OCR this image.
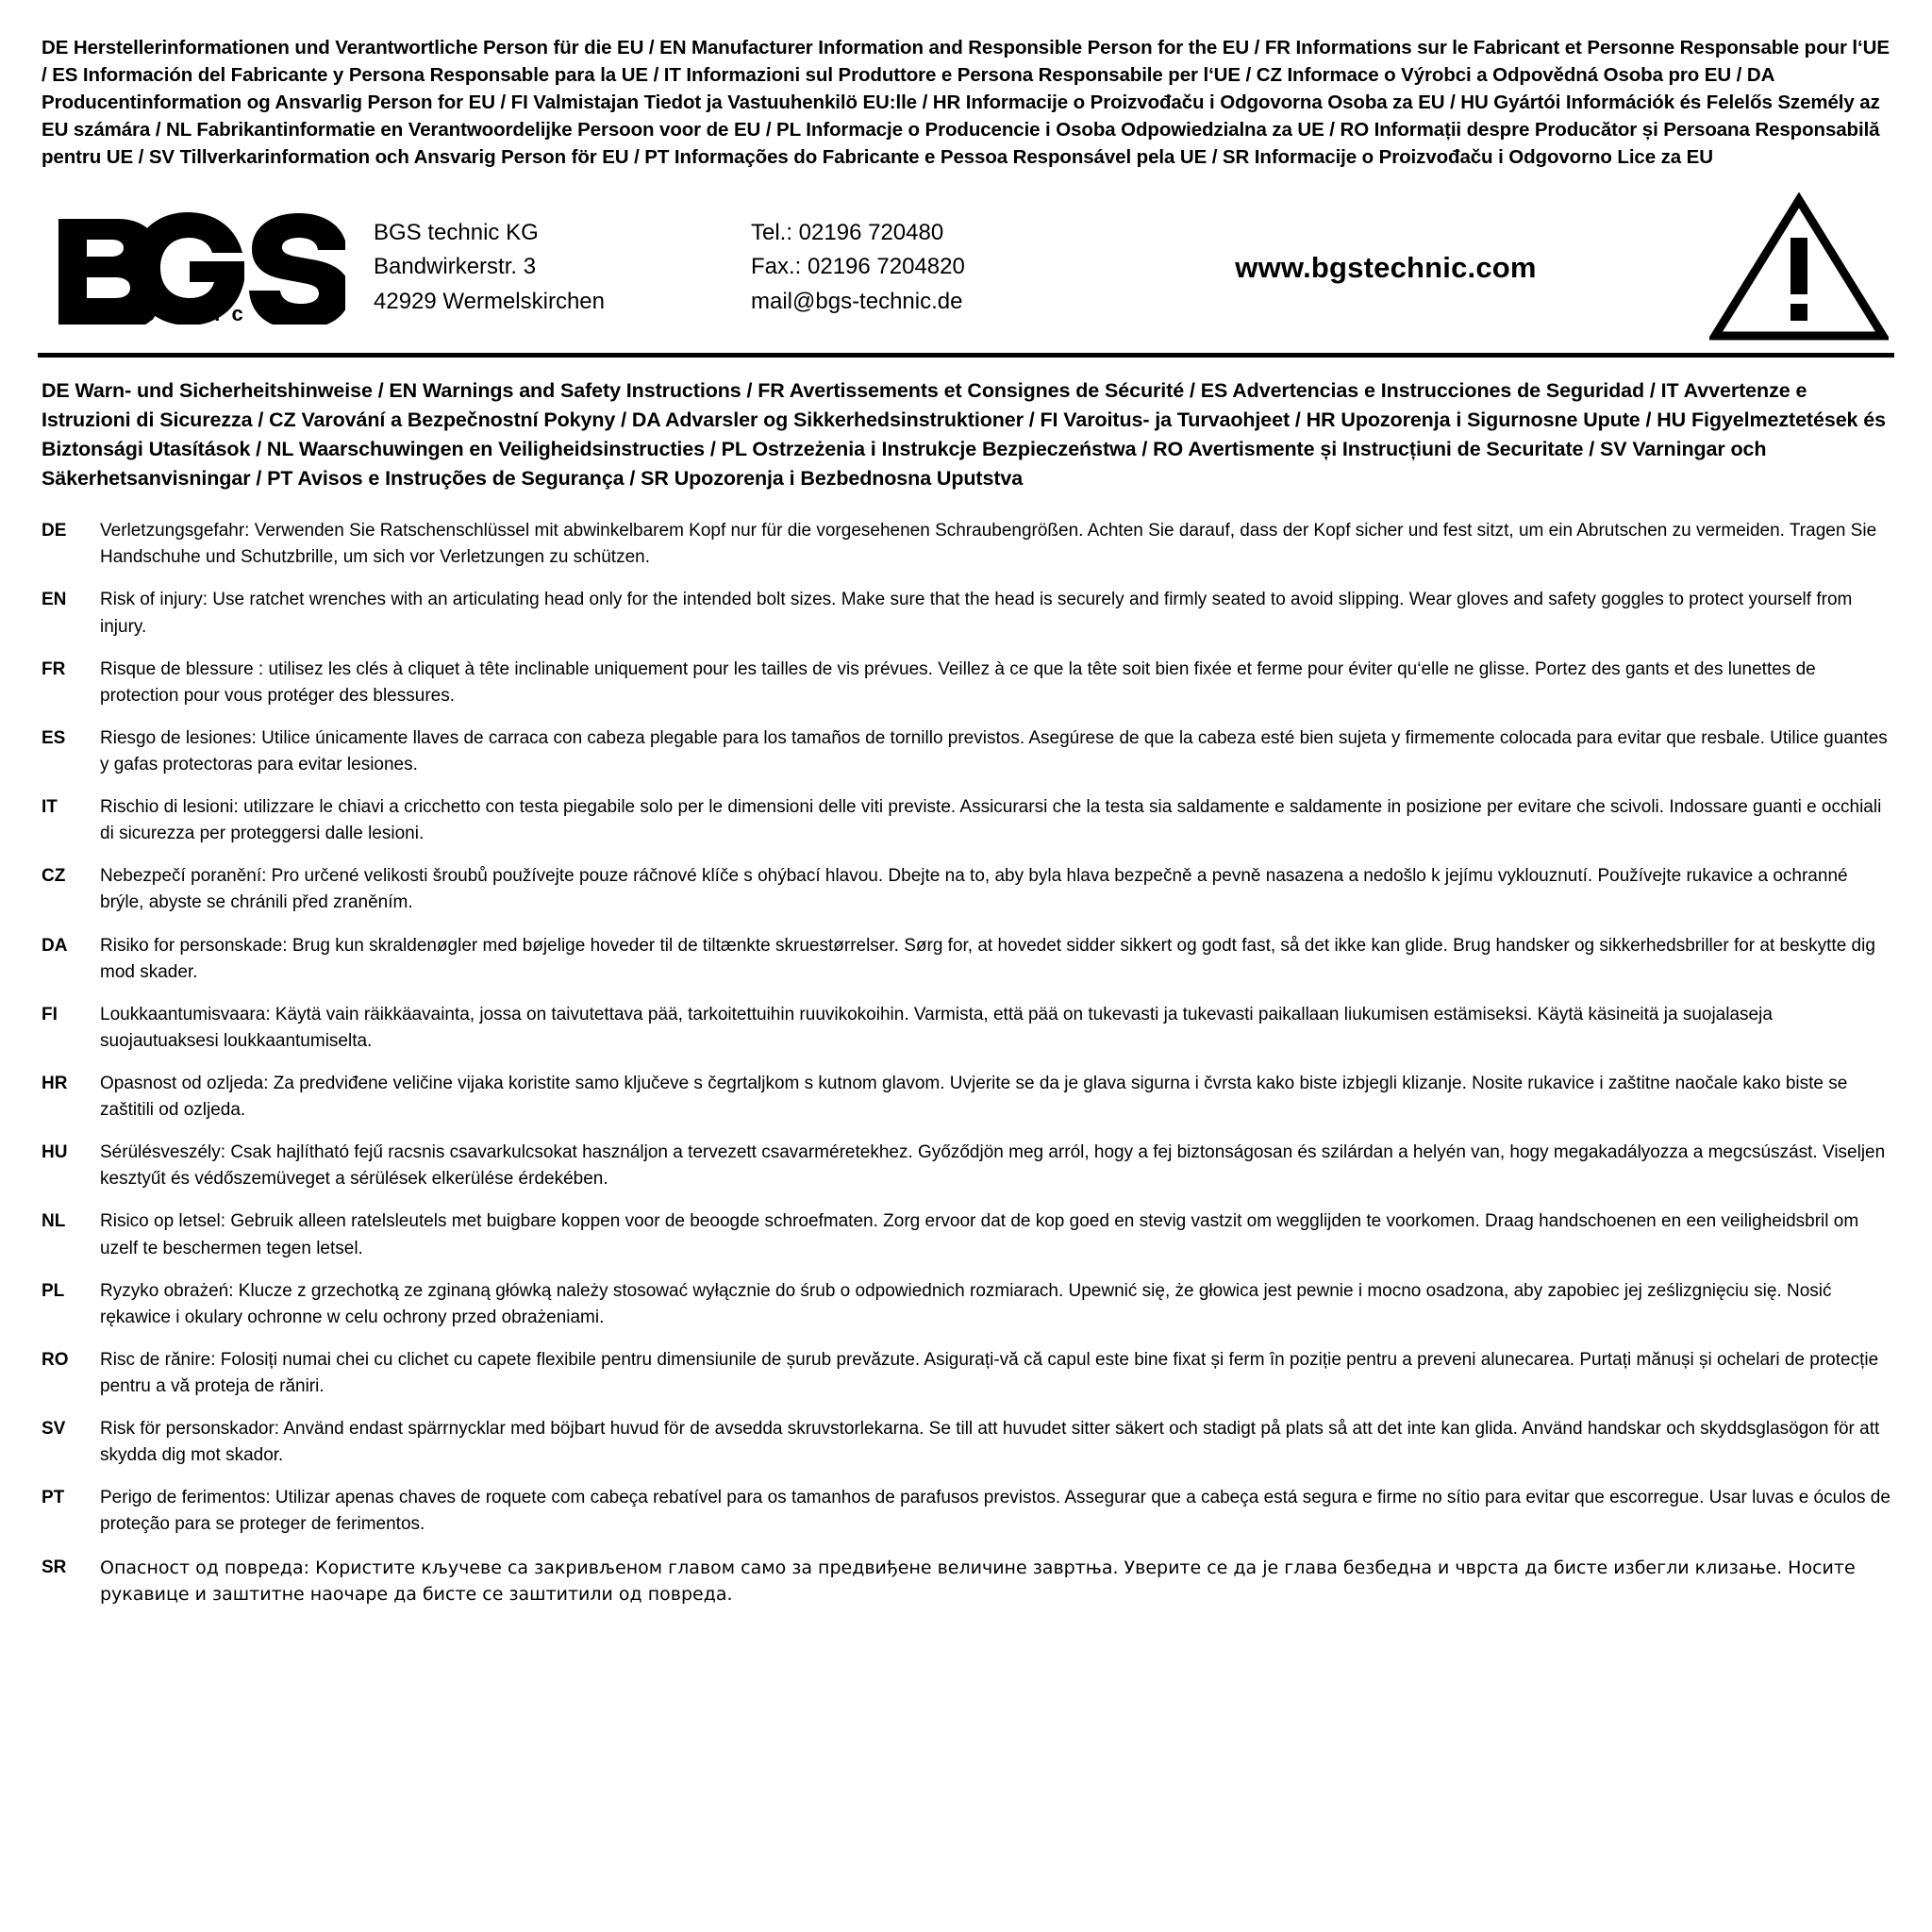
DE Herstellerinformationen und Verantwortliche Person für die EU / EN Manufacturer Information and Responsible Person for the EU / FR Informations sur le Fabricant et Personne Responsable pour l‘UE / ES Información del Fabricante y Persona Responsable para la UE / IT Informazioni sul Produttore e Persona Responsabile per l‘UE / CZ Informace o Výrobci a Odpovědná Osoba pro EU / DA Producentinformation og Ansvarlig Person for EU / FI Valmistajan Tiedot ja Vastuuhenkilö EU:lle / HR Informacije o Proizvođaču i Odgovorna Osoba za EU / HU Gyártói Információk és Felelős Személy az EU számára / NL Fabrikantinformatie en Verantwoordelijke Persoon voor de EU / PL Informacje o Producencie i Osoba Odpowiedzialna za UE / RO Informații despre Producător și Persoana Responsabilă pentru UE / SV Tillverkarinformation och Ansvarig Person för EU / PT Informações do Fabricante e Pessoa Responsável pela UE / SR Informacije o Proizvođaču i Odgovorno Lice za EU
®
t e c h n i c
BGS technic KG
Bandwirkerstr. 3
42929 Wermelskirchen
Tel.: 02196 720480
Fax.: 02196 7204820
mail@bgs-technic.de
www.bgstechnic.com
DE Warn- und Sicherheitshinweise / EN Warnings and Safety Instructions / FR Avertissements et Consignes de Sécurité / ES Advertencias e Instrucciones de Seguridad / IT Avvertenze e Istruzioni di Sicurezza / CZ Varování a Bezpečnostní Pokyny / DA Advarsler og Sikkerhedsinstruktioner / FI Varoitus- ja Turvaohjeet / HR Upozorenja i Sigurnosne Upute / HU Figyelmeztetések és Biztonsági Utasítások / NL Waarschuwingen en Veiligheidsinstructies / PL Ostrzeżenia i Instrukcje Bezpieczeństwa / RO Avertismente și Instrucțiuni de Securitate / SV Varningar och Säkerhetsanvisningar / PT Avisos e Instruções de Segurança / SR Upozorenja i Bezbednosna Uputstva
DE	Verletzungsgefahr: Verwenden Sie Ratschenschlüssel mit abwinkelbarem Kopf nur für die vorgesehenen Schraubengrößen. Achten Sie darauf, dass der Kopf sicher und fest sitzt, um ein Abrutschen zu vermeiden. Tragen Sie Handschuhe und Schutzbrille, um sich vor Verletzungen zu schützen.
EN	Risk of injury: Use ratchet wrenches with an articulating head only for the intended bolt sizes. Make sure that the head is securely and firmly seated to avoid slipping. Wear gloves and safety goggles to protect yourself from injury.
FR	Risque de blessure : utilisez les clés à cliquet à tête inclinable uniquement pour les tailles de vis prévues. Veillez à ce que la tête soit bien fixée et ferme pour éviter qu‘elle ne glisse. Portez des gants et des lunettes de protection pour vous protéger des blessures.
ES	Riesgo de lesiones: Utilice únicamente llaves de carraca con cabeza plegable para los tamaños de tornillo previstos. Asegúrese de que la cabeza esté bien sujeta y firmemente colocada para evitar que resbale. Utilice guantes y gafas protectoras para evitar lesiones.
IT	Rischio di lesioni: utilizzare le chiavi a cricchetto con testa piegabile solo per le dimensioni delle viti previste. Assicurarsi che la testa sia saldamente e saldamente in posizione per evitare che scivoli. Indossare guanti e occhiali di sicurezza per proteggersi dalle lesioni.
CZ	Nebezpečí poranění: Pro určené velikosti šroubů používejte pouze ráčnové klíče s ohýbací hlavou. Dbejte na to, aby byla hlava bezpečně a pevně nasazena a nedošlo k jejímu vyklouznutí. Používejte rukavice a ochranné brýle, abyste se chránili před zraněním.
DA	Risiko for personskade: Brug kun skraldenøgler med bøjelige hoveder til de tiltænkte skruestørrelser. Sørg for, at hovedet sidder sikkert og godt fast, så det ikke kan glide. Brug handsker og sikkerhedsbriller for at beskytte dig mod skader.
FI	Loukkaantumisvaara: Käytä vain räikkäavainta, jossa on taivutettava pää, tarkoitettuihin ruuvikokoihin. Varmista, että pää on tukevasti ja tukevasti paikallaan liukumisen estämiseksi. Käytä käsineitä ja suojalaseja suojautuaksesi loukkaantumiselta.
HR	Opasnost od ozljeda: Za predviđene veličine vijaka koristite samo ključeve s čegrtaljkom s kutnom glavom. Uvjerite se da je glava sigurna i čvrsta kako biste izbjegli klizanje. Nosite rukavice i zaštitne naočale kako biste se zaštitili od ozljeda.
HU	Sérülésveszély: Csak hajlítható fejű racsnis csavarkulcsokat használjon a tervezett csavarméretekhez. Győződjön meg arról, hogy a fej biztonságosan és szilárdan a helyén van, hogy megakadályozza a megcsúszást. Viseljen kesztyűt és védőszemüveget a sérülések elkerülése érdekében.
NL	Risico op letsel: Gebruik alleen ratelsleutels met buigbare koppen voor de beoogde schroefmaten. Zorg ervoor dat de kop goed en stevig vastzit om wegglijden te voorkomen. Draag handschoenen en een veiligheidsbril om uzelf te beschermen tegen letsel.
PL	Ryzyko obrażeń: Klucze z grzechotką ze zginaną główką należy stosować wyłącznie do śrub o odpowiednich rozmiarach. Upewnić się, że głowica jest pewnie i mocno osadzona, aby zapobiec jej ześlizgnięciu się. Nosić rękawice i okulary ochronne w celu ochrony przed obrażeniami.
RO	Risc de rănire: Folosiți numai chei cu clichet cu capete flexibile pentru dimensiunile de șurub prevăzute. Asigurați-vă că capul este bine fixat și ferm în poziție pentru a preveni alunecarea. Purtați mănuși și ochelari de protecție pentru a vă proteja de răniri.
SV	Risk för personskador: Använd endast spärrnycklar med böjbart huvud för de avsedda skruvstorlekarna. Se till att huvudet sitter säkert och stadigt på plats så att det inte kan glida. Använd handskar och skyddsglasögon för att skydda dig mot skador.
PT	Perigo de ferimentos: Utilizar apenas chaves de roquete com cabeça rebatível para os tamanhos de parafusos previstos. Assegurar que a cabeça está segura e firme no sítio para evitar que escorregue. Usar luvas e óculos de proteção para se proteger de ferimentos.
SR	Опасност од повреда: Користите кључеве са закривљеном главом само за предвиђене величине завртња. Уверите се да је глава безбедна и чврста да бисте избегли клизање. Носите рукавице и заштитне наочаре да бисте се заштитили од повреда.
